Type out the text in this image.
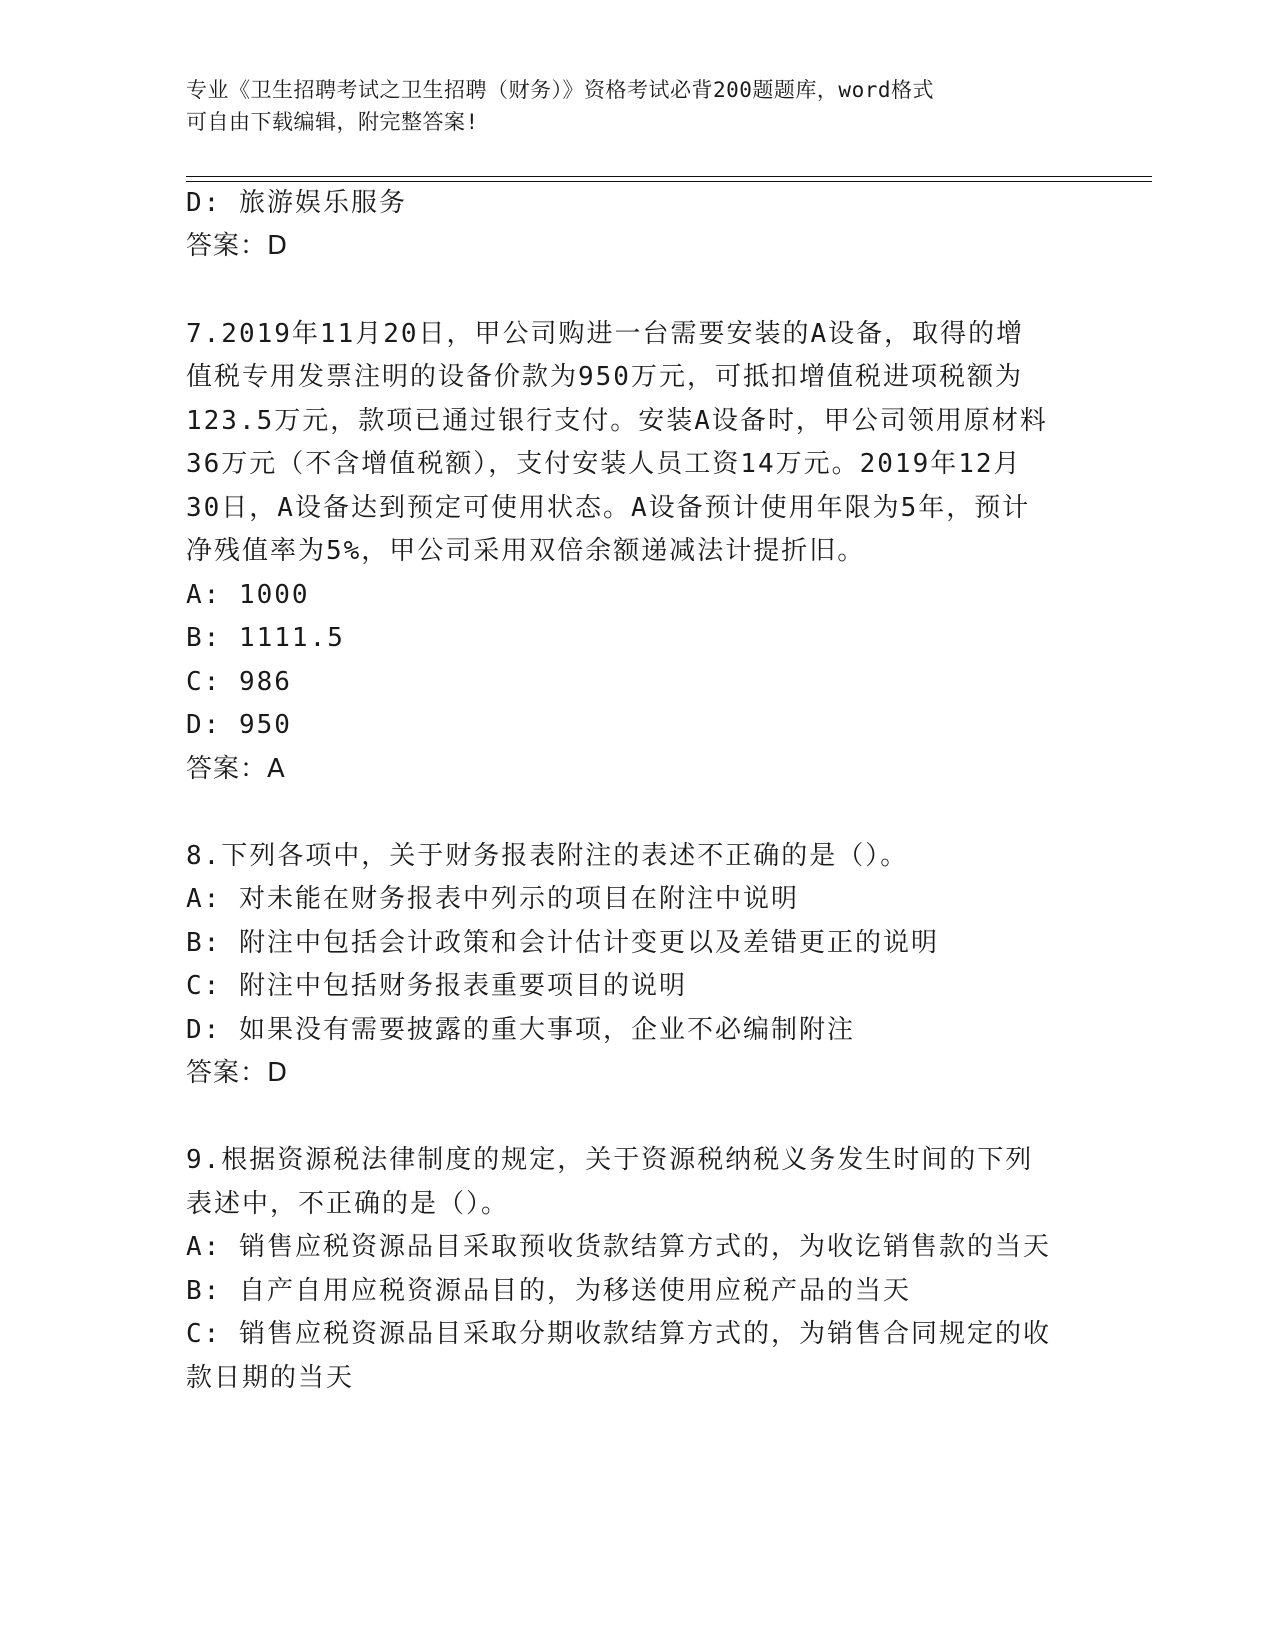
专业《卫生招聘考试之卫生招聘（财务）》资格考试必背200题题库，word格式
可自由下载编辑，附完整答案!
D: 旅游娱乐服务
答案：D
7.2019年11月20日，甲公司购进一台需要安装的A设备，取得的增
值税专用发票注明的设备价款为950万元，可抵扣增值税进项税额为
123.5万元，款项已通过银行支付。安装A设备时，甲公司领用原材料
36万元（不含增值税额），支付安装人员工资14万元。2019年12月
30日，A设备达到预定可使用状态。A设备预计使用年限为5年，预计
净残值率为5%，甲公司采用双倍余额递减法计提折旧。
A: 1000
B: 1111.5
C: 986
D: 950
答案：A
8.下列各项中，关于财务报表附注的表述不正确的是（）。
A: 对未能在财务报表中列示的项目在附注中说明
B: 附注中包括会计政策和会计估计变更以及差错更正的说明
C: 附注中包括财务报表重要项目的说明
D: 如果没有需要披露的重大事项，企业不必编制附注
答案：D
9.根据资源税法律制度的规定，关于资源税纳税义务发生时间的下列
表述中，不正确的是（）。
A: 销售应税资源品目采取预收货款结算方式的，为收讫销售款的当天
B: 自产自用应税资源品目的，为移送使用应税产品的当天
C: 销售应税资源品目采取分期收款结算方式的，为销售合同规定的收
款日期的当天
